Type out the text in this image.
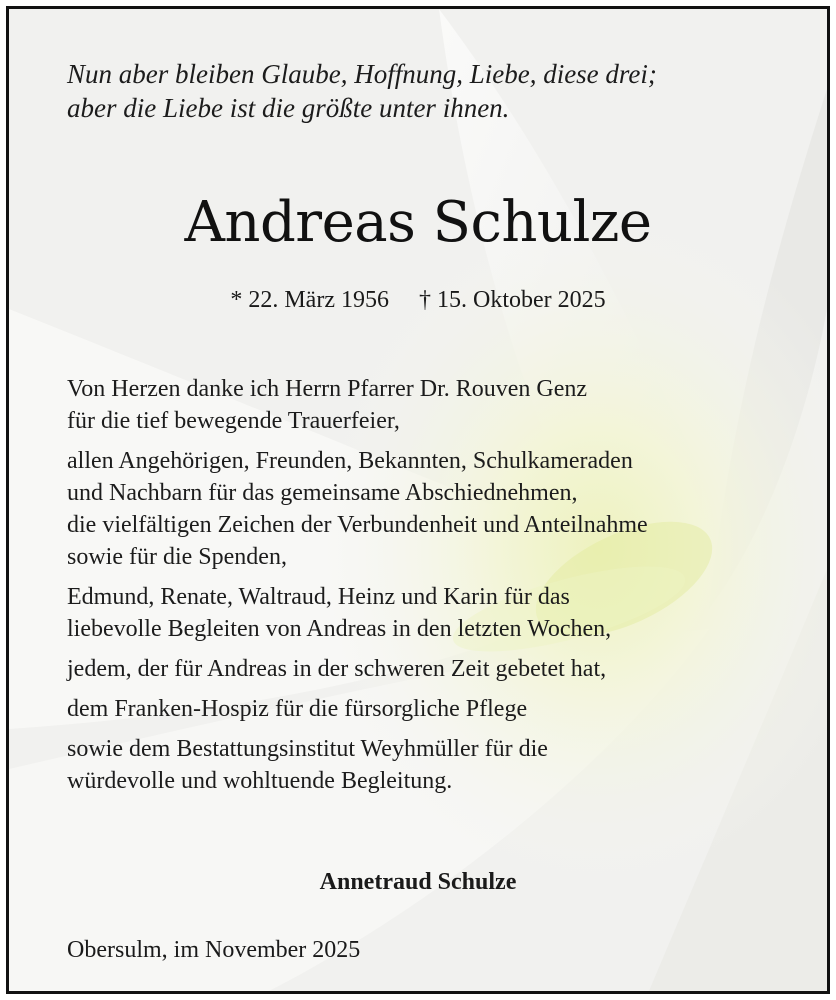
Nun aber bleiben Glaube, Hoffnung, Liebe, diese drei;
aber die Liebe ist die größte unter ihnen.
Andreas Schulze
* 22. März 1956 † 15. Oktober 2025
Von Herzen danke ich Herrn Pfarrer Dr. Rouven Genz
für die tief bewegende Trauerfeier,
allen Angehörigen, Freunden, Bekannten, Schulkameraden
und Nachbarn für das gemeinsame Abschiednehmen,
die vielfältigen Zeichen der Verbundenheit und Anteilnahme
sowie für die Spenden,
Edmund, Renate, Waltraud, Heinz und Karin für das
liebevolle Begleiten von Andreas in den letzten Wochen,
jedem, der für Andreas in der schweren Zeit gebetet hat,
dem Franken-Hospiz für die fürsorgliche Pflege
sowie dem Bestattungsinstitut Weyhmüller für die
würdevolle und wohltuende Begleitung.
Annetraud Schulze
Obersulm, im November 2025
